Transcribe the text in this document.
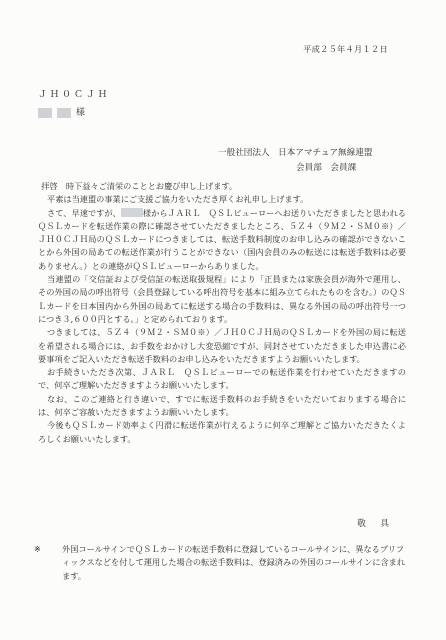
平成２５年４月１２日
ＪＨ０ＣＪＨ
様
一般社団法人　日本アマチュア無線連盟
会員部　会員課

拝啓　時下益々ご清栄のこととお慶び申し上げます。

平素は当連盟の事業にご支援ご協力をいただき厚くお礼申し上げます。

さて、早速ですが、	様からＪＡＲＬ　ＱＳＬビューローへお送りいただきましたと思われるＱＳＬカードを転送作業の際に確認させていただきましたところ、５Ｚ４（９Ｍ２・ＳＭ０※）／ＪＨ０ＣＪＨ局のＱＳＬカードにつきましては、転送手数料制度のお申し込みの確認ができないことから外国の局あての転送作業が行うことができない（国内会員のみの転送には転送手数料は必要ありません。）との連絡がＱＳＬビューローからありました。

当連盟の「交信証および受信証の転送取扱規程」により「正員または家族会員が海外で運用し、その外国の局の呼出符号（会員登録している呼出符号を基本に組み立てられたものを含む。）のＱＳＬカードを日本国内から外国の局あてに転送する場合の手数料は、異なる外国の局の呼出符号一つにつき３,６００円とする。」と定められております。

つきましては、５Ｚ４（９Ｍ２・ＳＭ０※）／ＪＨ０ＣＪＨ局のＱＳＬカードを外国の局に転送を希望される場合には、お手数をおかけし大変恐縮ですが、同封させていただきました申込書に必要事項をご記入いただき転送手数料のお申し込みをいただきますようお願いいたします。

お手続きいただき次第、ＪＡＲＬ　ＱＳＬビューローでの転送作業を行わせていただきますので、何卒ご理解いただきますようお願いいたします。

なお、このご連絡と行き違いで、すでに転送手数料のお手続きをいただいておりまする場合には、何卒ご容赦いただきますようお願いいたします。

今後もＱＳＬカード効率よく円滑に転送作業が行えるように何卒ご理解とご協力いただきたくよろしくお願いいたします。

敬　具
※	外国コールサインでＱＳＬカードの転送手数料に登録しているコールサインに、異なるプリフィックスなどを付して運用した場合の転送手数料は、登録済みの外国のコールサインに含まれます。
